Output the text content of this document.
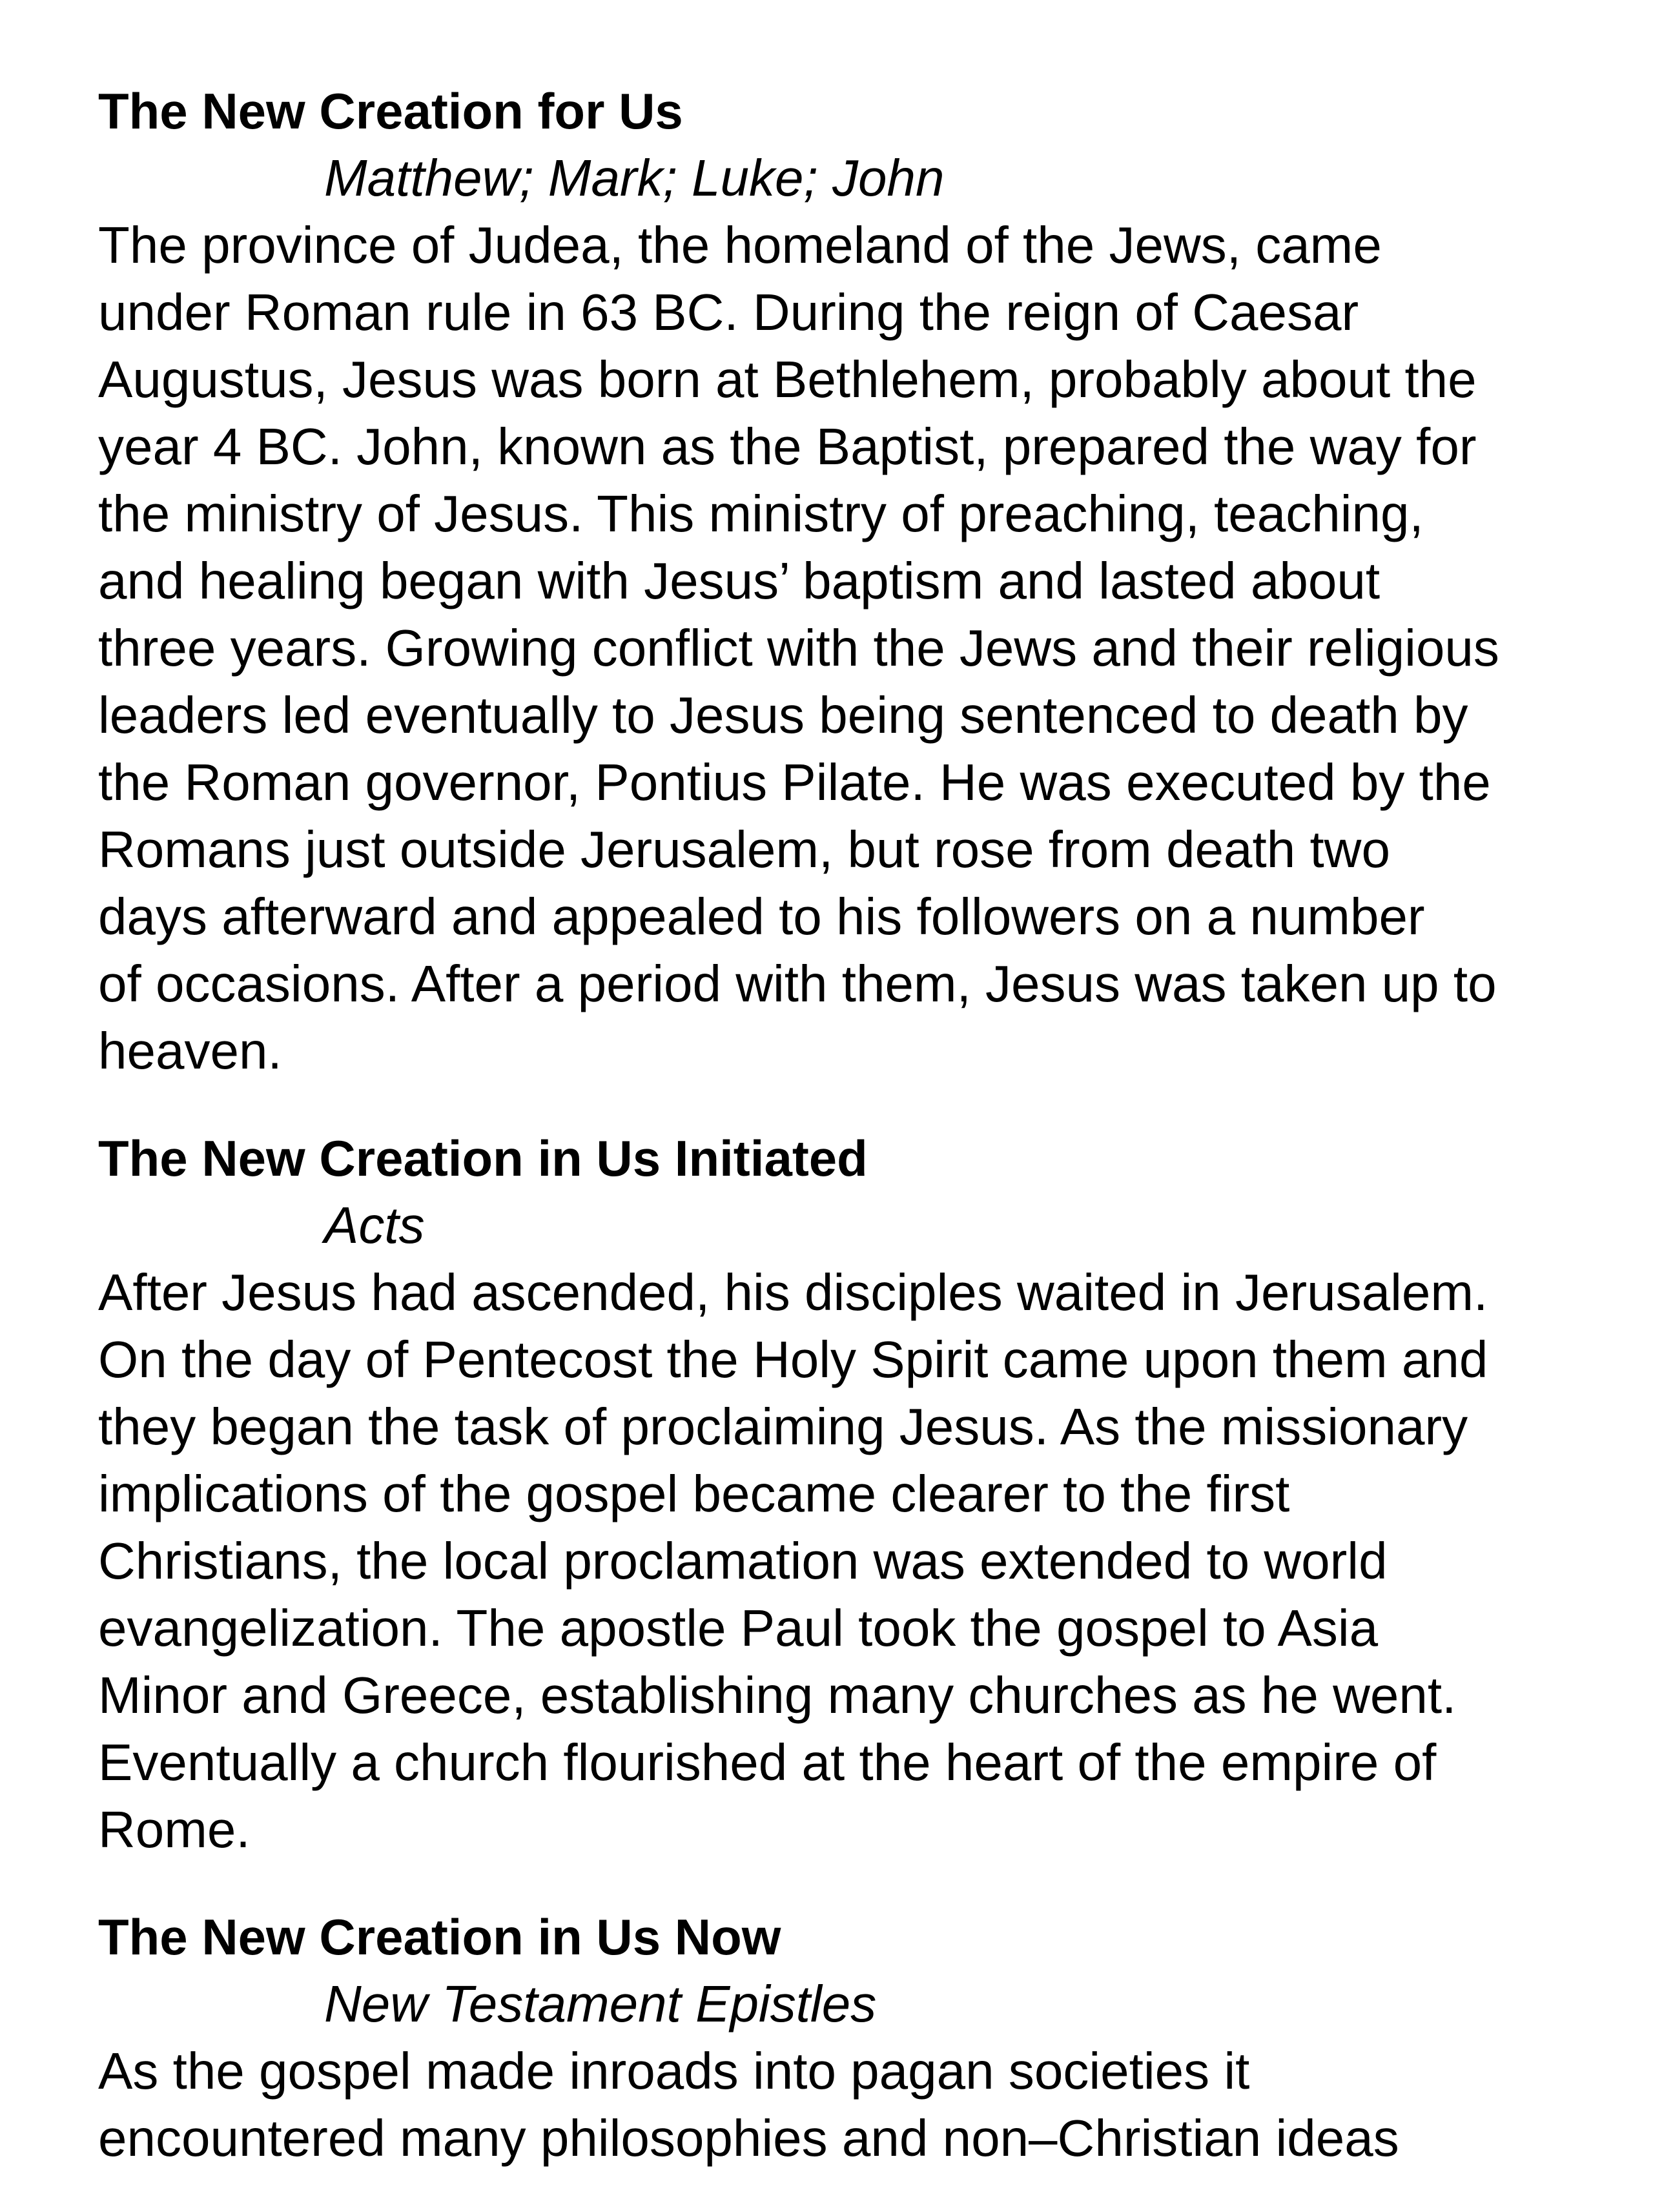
The New Creation for Us
Matthew; Mark; Luke; John
The province of Judea, the homeland of the Jews, came
under Roman rule in 63 BC. During the reign of Caesar
Augustus, Jesus was born at Bethlehem, probably about the
year 4 BC. John, known as the Baptist, prepared the way for
the ministry of Jesus. This ministry of preaching, teaching,
and healing began with Jesus’ baptism and lasted about
three years. Growing conflict with the Jews and their religious
leaders led eventually to Jesus being sentenced to death by
the Roman governor, Pontius Pilate. He was executed by the
Romans just outside Jerusalem, but rose from death two
days afterward and appealed to his followers on a number
of occasions. After a period with them, Jesus was taken up to
heaven.
The New Creation in Us Initiated
Acts
After Jesus had ascended, his disciples waited in Jerusalem.
On the day of Pentecost the Holy Spirit came upon them and
they began the task of proclaiming Jesus. As the missionary
implications of the gospel became clearer to the first
Christians, the local proclamation was extended to world
evangelization. The apostle Paul took the gospel to Asia
Minor and Greece, establishing many churches as he went.
Eventually a church flourished at the heart of the empire of
Rome.
The New Creation in Us Now
New Testament Epistles
As the gospel made inroads into pagan societies it
encountered many philosophies and non–Christian ideas
